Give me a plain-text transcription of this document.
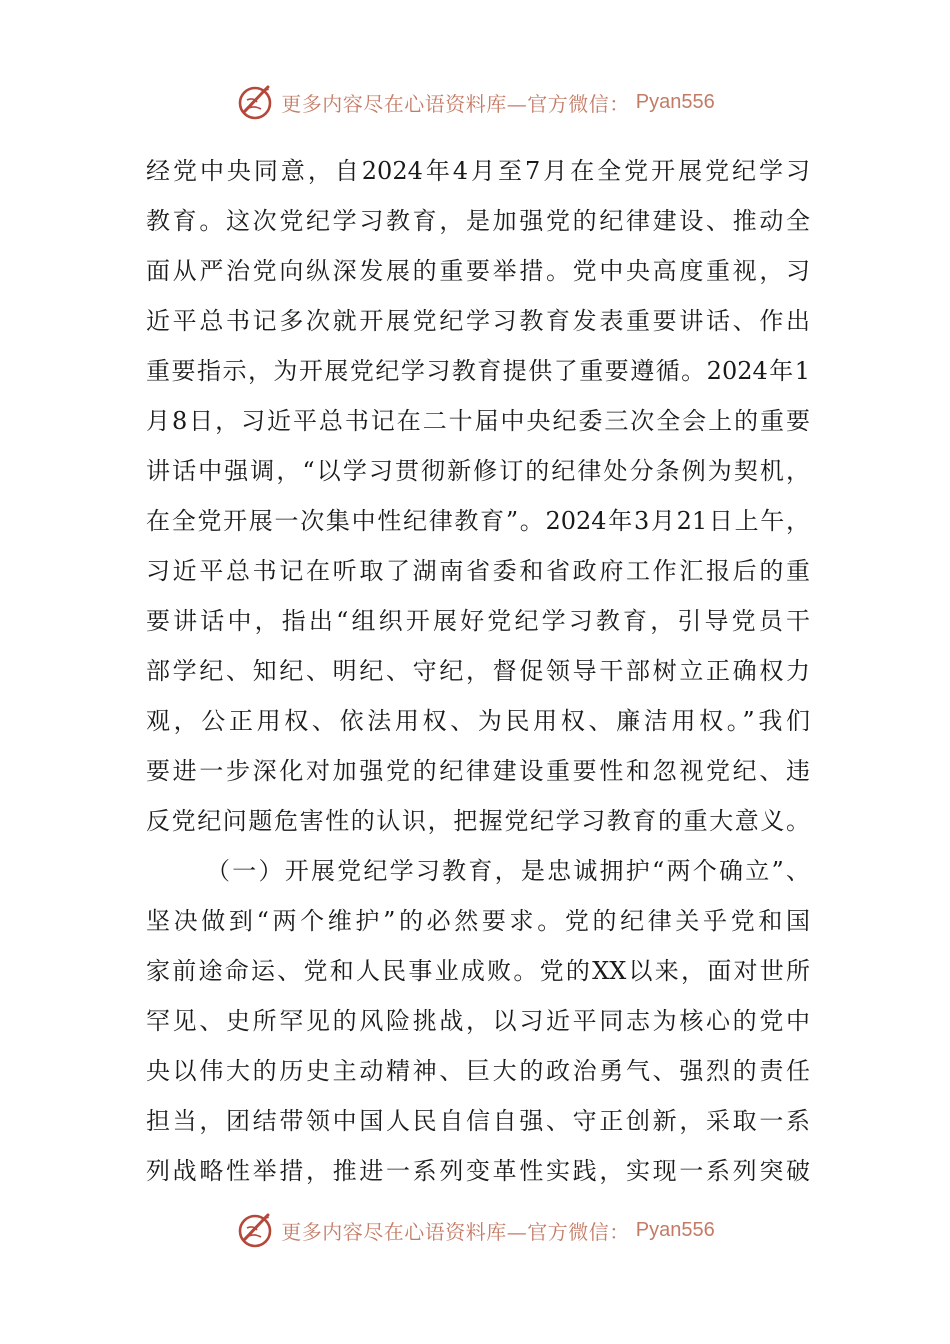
更多内容尽在心语资料库—官方微信： Pyan556
经党中央同意，自2024年4月至7月在全党开展党纪学习
教育。这次党纪学习教育，是加强党的纪律建设、推动全
面从严治党向纵深发展的重要举措。党中央高度重视，习
近平总书记多次就开展党纪学习教育发表重要讲话、作出
重要指示，为开展党纪学习教育提供了重要遵循。2024年1
月8日，习近平总书记在二十届中央纪委三次全会上的重要
讲话中强调，“以学习贯彻新修订的纪律处分条例为契机，
在全党开展一次集中性纪律教育”。2024年3月21日上午，
习近平总书记在听取了湖南省委和省政府工作汇报后的重
要讲话中，指出“组织开展好党纪学习教育，引导党员干
部学纪、知纪、明纪、守纪，督促领导干部树立正确权力
观，公正用权、依法用权、为民用权、廉洁用权。”我们
要进一步深化对加强党的纪律建设重要性和忽视党纪、违
反党纪问题危害性的认识，把握党纪学习教育的重大意义。
（一）开展党纪学习教育，是忠诚拥护“两个确立”、
坚决做到“两个维护”的必然要求。党的纪律关乎党和国
家前途命运、党和人民事业成败。党的XX以来，面对世所
罕见、史所罕见的风险挑战，以习近平同志为核心的党中
央以伟大的历史主动精神、巨大的政治勇气、强烈的责任
担当，团结带领中国人民自信自强、守正创新，采取一系
列战略性举措，推进一系列变革性实践，实现一系列突破
更多内容尽在心语资料库—官方微信： Pyan556
